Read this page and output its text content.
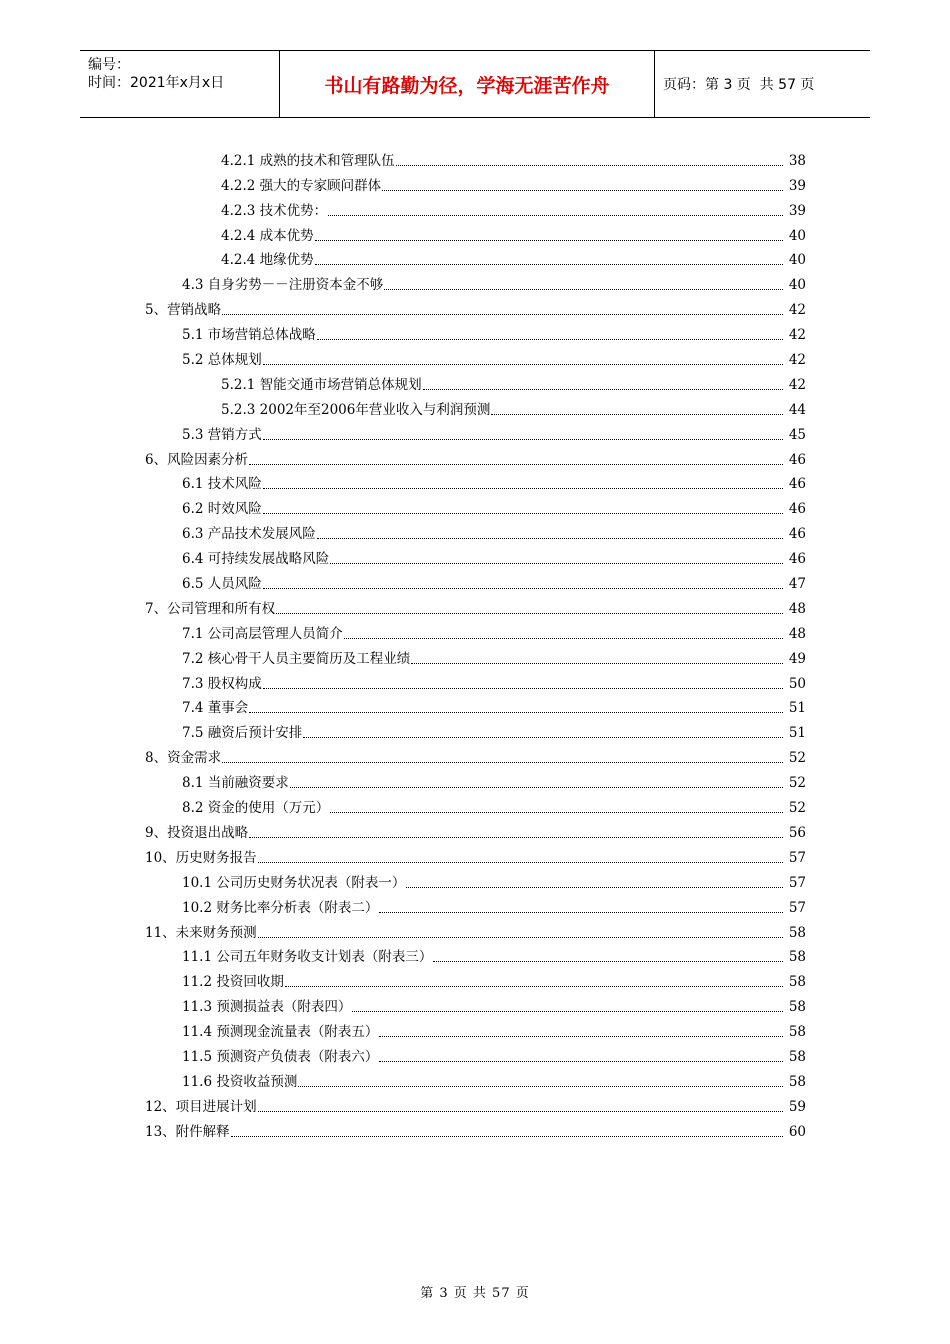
编号：
时间：2021年x月x日	书山有路勤为径，学海无涯苦作舟	页码：第 3 页  共 57 页
4.2.1 成熟的技术和管理队伍	38
4.2.2 强大的专家顾问群体	39
4.2.3 技术优势：	39
4.2.4 成本优势	40
4.2.4 地缘优势	40
4.3 自身劣势－－注册资本金不够	40
5、营销战略	42
5.1 市场营销总体战略	42
5.2 总体规划	42
5.2.1 智能交通市场营销总体规划	42
5.2.3 2002年至2006年营业收入与利润预测	44
5.3 营销方式	45
6、风险因素分析	46
6.1 技术风险	46
6.2 时效风险	46
6.3 产品技术发展风险	46
6.4 可持续发展战略风险	46
6.5 人员风险	47
7、公司管理和所有权	48
7.1 公司高层管理人员简介	48
7.2 核心骨干人员主要简历及工程业绩	49
7.3 股权构成	50
7.4 董事会	51
7.5 融资后预计安排	51
8、资金需求	52
8.1 当前融资要求	52
8.2 资金的使用（万元）	52
9、投资退出战略	56
10、历史财务报告	57
10.1 公司历史财务状况表（附表一）	57
10.2 财务比率分析表（附表二）	57
11、未来财务预测	58
11.1 公司五年财务收支计划表（附表三）	58
11.2 投资回收期	58
11.3 预测损益表（附表四）	58
11.4 预测现金流量表（附表五）	58
11.5 预测资产负债表（附表六）	58
11.6 投资收益预测	58
12、项目进展计划	59
13、附件解释	60
第 3 页 共 57 页
